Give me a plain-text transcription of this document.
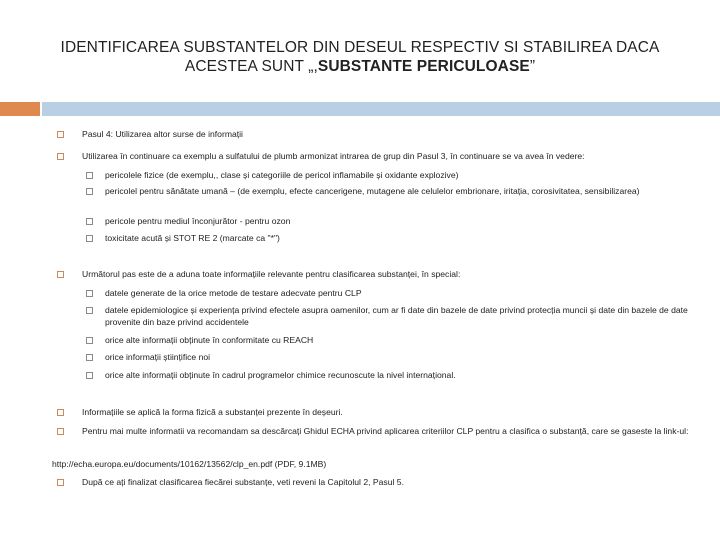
IDENTIFICAREA SUBSTANTELOR DIN DESEUL RESPECTIV SI STABILIREA DACA
ACESTEA SUNT „,SUBSTANTE PERICULOASE”
Pasul 4: Utilizarea altor surse de informații
Utilizarea în continuare ca exemplu a sulfatului de plumb armonizat intrarea de grup din Pasul 3, în continuare se va avea în vedere:
pericolele fizice (de exemplu,, clase și categoriile de pericol inflamabile și oxidante explozive)
pericolel pentru sănătate umană – (de exemplu, efecte cancerigene, mutagene ale celulelor embrionare, iritația, corosivitatea, sensibilizarea)
pericole pentru mediul înconjurător - pentru ozon
toxicitate acută și STOT RE 2 (marcate ca "*")
Următorul pas este de a aduna toate informațiile relevante pentru clasificarea substanței, în special:
datele generate de la orice metode de testare adecvate pentru CLP
datele epidemiologice și experiența privind efectele asupra oamenilor, cum ar fi date din bazele de date privind protecția muncii și date din bazele de date provenite din baze privind accidentele
orice alte informații obținute în conformitate cu REACH
orice informații științifice noi
orice alte informații obținute în cadrul programelor chimice recunoscute la nivel internațional.
Informațiile se aplică la forma fizică a substanței prezente în deșeuri.
Pentru mai multe informatii va recomandam sa descărcați Ghidul ECHA privind aplicarea criteriilor CLP pentru a clasifica o substanță, care se gaseste la link-ul:
http://echa.europa.eu/documents/10162/13562/clp_en.pdf (PDF, 9.1MB)
După ce ați finalizat clasificarea fiecărei substanțe, veti reveni la Capitolul 2, Pasul 5.
